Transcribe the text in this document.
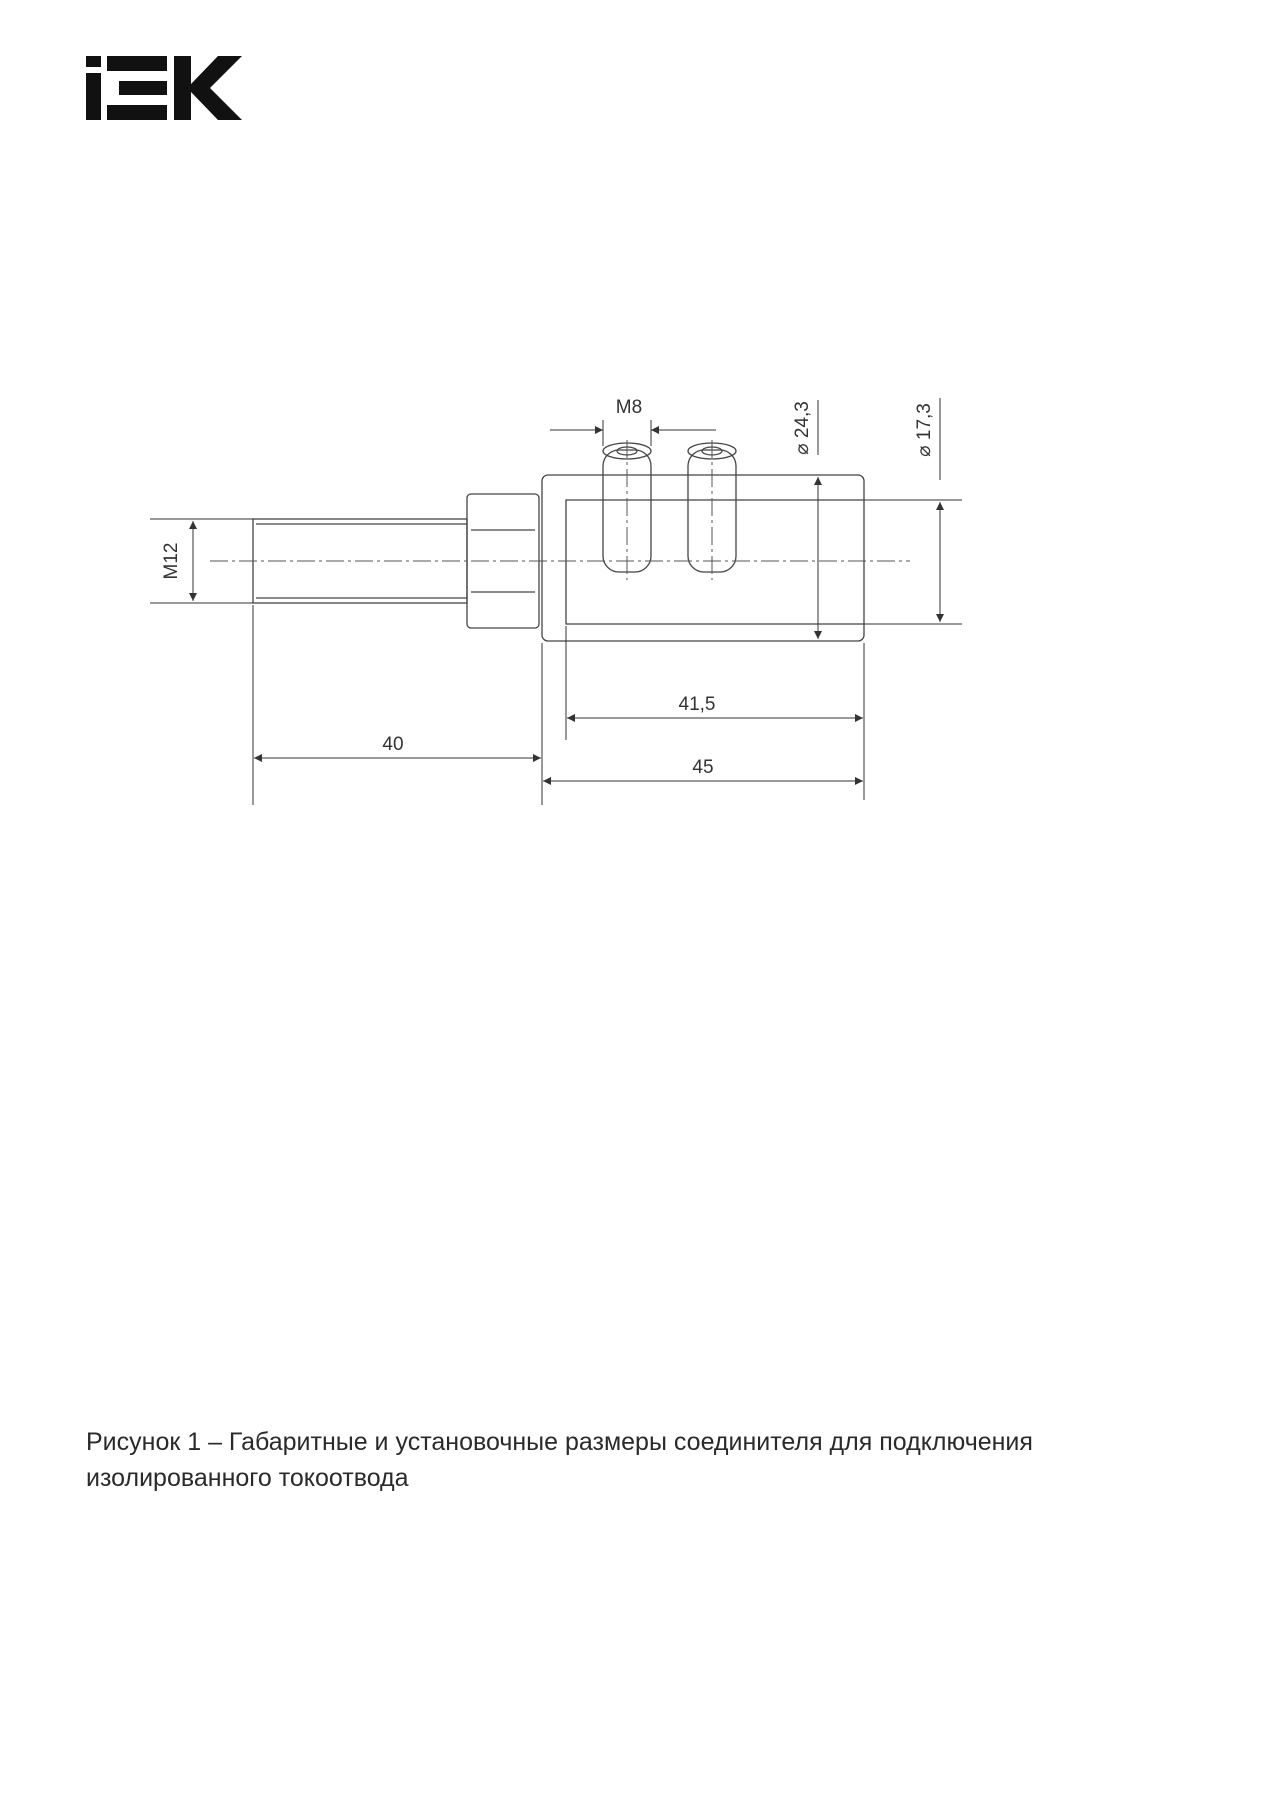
M8
M12
⌀ 24,3	⌀ 17,3
41,5
40
45
Рисунок 1 – Габаритные и установочные размеры соединителя для подключения
изолированного токоотвода
